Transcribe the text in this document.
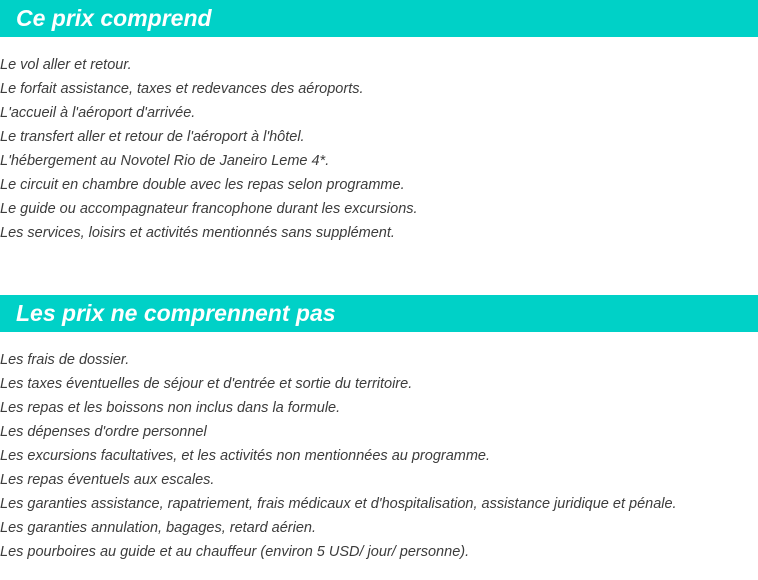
Ce prix comprend
Le vol aller et retour.
Le forfait assistance, taxes et redevances des aéroports.
L'accueil à l'aéroport d'arrivée.
Le transfert aller et retour de l'aéroport à l'hôtel.
L'hébergement au Novotel Rio de Janeiro Leme 4*.
Le circuit en chambre double avec les repas selon programme.
Le guide ou accompagnateur francophone durant les excursions.
Les services, loisirs et activités mentionnés sans supplément.
Les prix ne comprennent pas
Les frais de dossier.
Les taxes éventuelles de séjour et d'entrée et sortie du territoire.
Les repas et les boissons non inclus dans la formule.
Les dépenses d'ordre personnel
Les excursions facultatives, et les activités non mentionnées au programme.
Les repas éventuels aux escales.
Les garanties assistance, rapatriement, frais médicaux et d'hospitalisation, assistance juridique et pénale.
Les garanties annulation, bagages, retard aérien.
Les pourboires au guide et au chauffeur (environ 5 USD/ jour/ personne).
